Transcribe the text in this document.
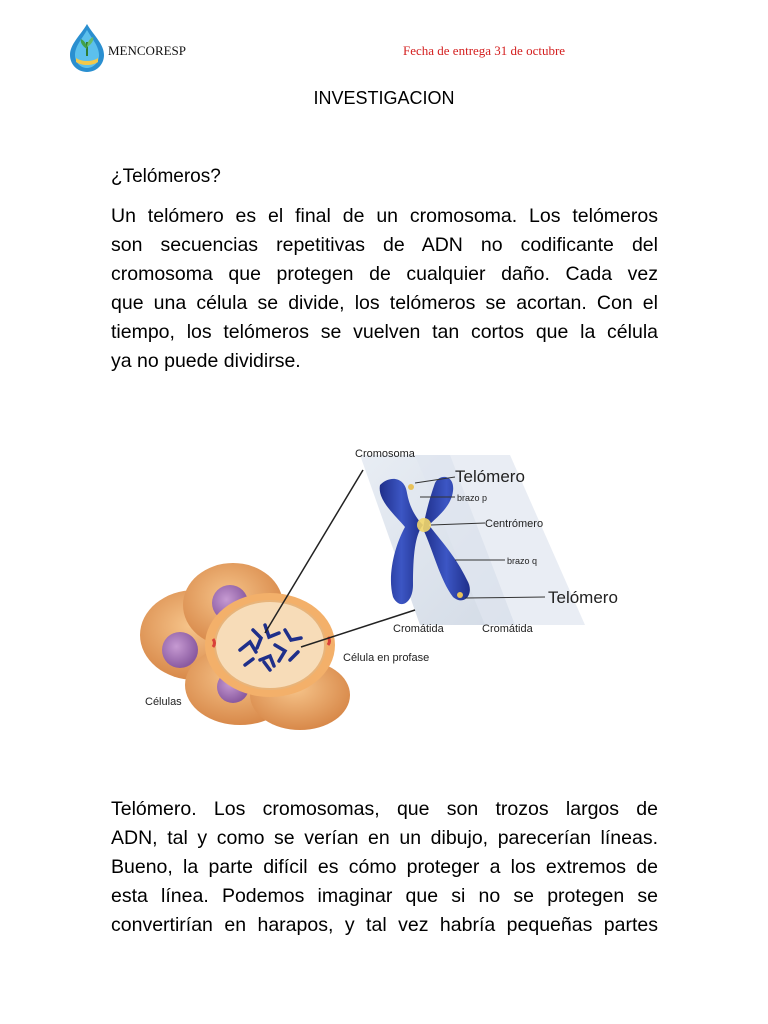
MENCORESP	Fecha de entrega 31 de octubre
INVESTIGACION
¿Telómeros?
Un telómero es el final de un cromosoma. Los telómeros
son secuencias repetitivas de ADN no codificante del
cromosoma que protegen de cualquier daño. Cada vez
que una célula se divide, los telómeros se acortan. Con el
tiempo, los telómeros se vuelven tan cortos que la célula
ya no puede dividirse.
Cromosoma
Telómero
brazo p
Centrómero
brazo q
Telómero
Cromátida	Cromátida
Célula en profase
Células
Telómero. Los cromosomas, que son trozos largos de
ADN, tal y como se verían en un dibujo, parecerían líneas.
Bueno, la parte difícil es cómo proteger a los extremos de
esta línea. Podemos imaginar que si no se protegen se
convertirían en harapos, y tal vez habría pequeñas partes
